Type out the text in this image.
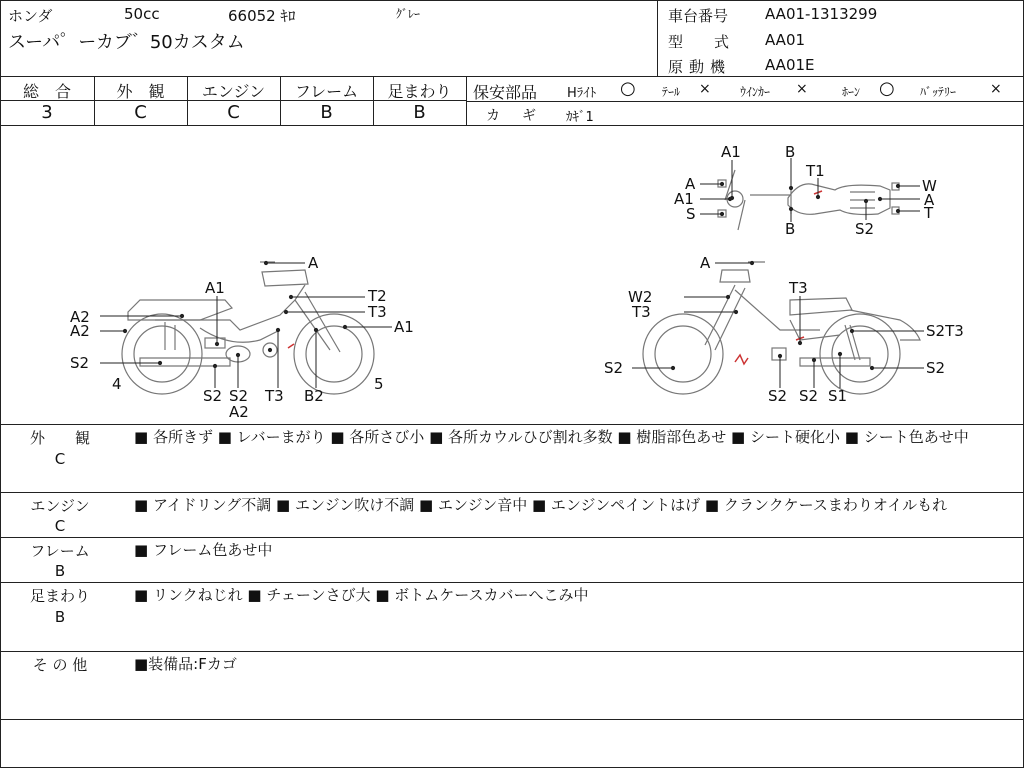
ホンダ	50cc	66052 ｷﾛ	ｸﾞﾚｰ
スーパ゜ーカブ゛50カスタム
車台番号 AA01-1313299
型　式 AA01
原動機 AA01E
総　合
3
外　観
C
エンジン
C
フレーム
B
足まわり
B
保安部品 Hﾗｲﾄ ○ ﾃｰﾙ × ｳｲﾝｶｰ ×	ﾎｰﾝ ○ ﾊﾞｯﾃﾘｰ ×
カ　ギ ｶｷﾞ1
A1	B
T1
A	W
A1	A
S	T
B	S2
A
A1	T2
A2	T3
A2	A1
S2
4
S2 S2 T3 B2
5
A2
A
T3
W2
T3
S2T3
S2	S2
S2 S2 S1
外　　観
C
■ 各所きず ■ レバーまがり ■ 各所さび小 ■ 各所カウルひび割れ多数 ■ 樹脂部色あせ ■ シート硬化小 ■ シート色あせ中
エンジン
C
■ アイドリング不調 ■ エンジン吹け不調 ■ エンジン音中 ■ エンジンペイントはげ ■ クランクケースまわりオイルもれ
フレーム
B
■ フレーム色あせ中
足まわり
B
■ リンクねじれ ■ チェーンさび大 ■ ボトムケースカバーへこみ中
そ の 他	■装備品:Fカゴ
